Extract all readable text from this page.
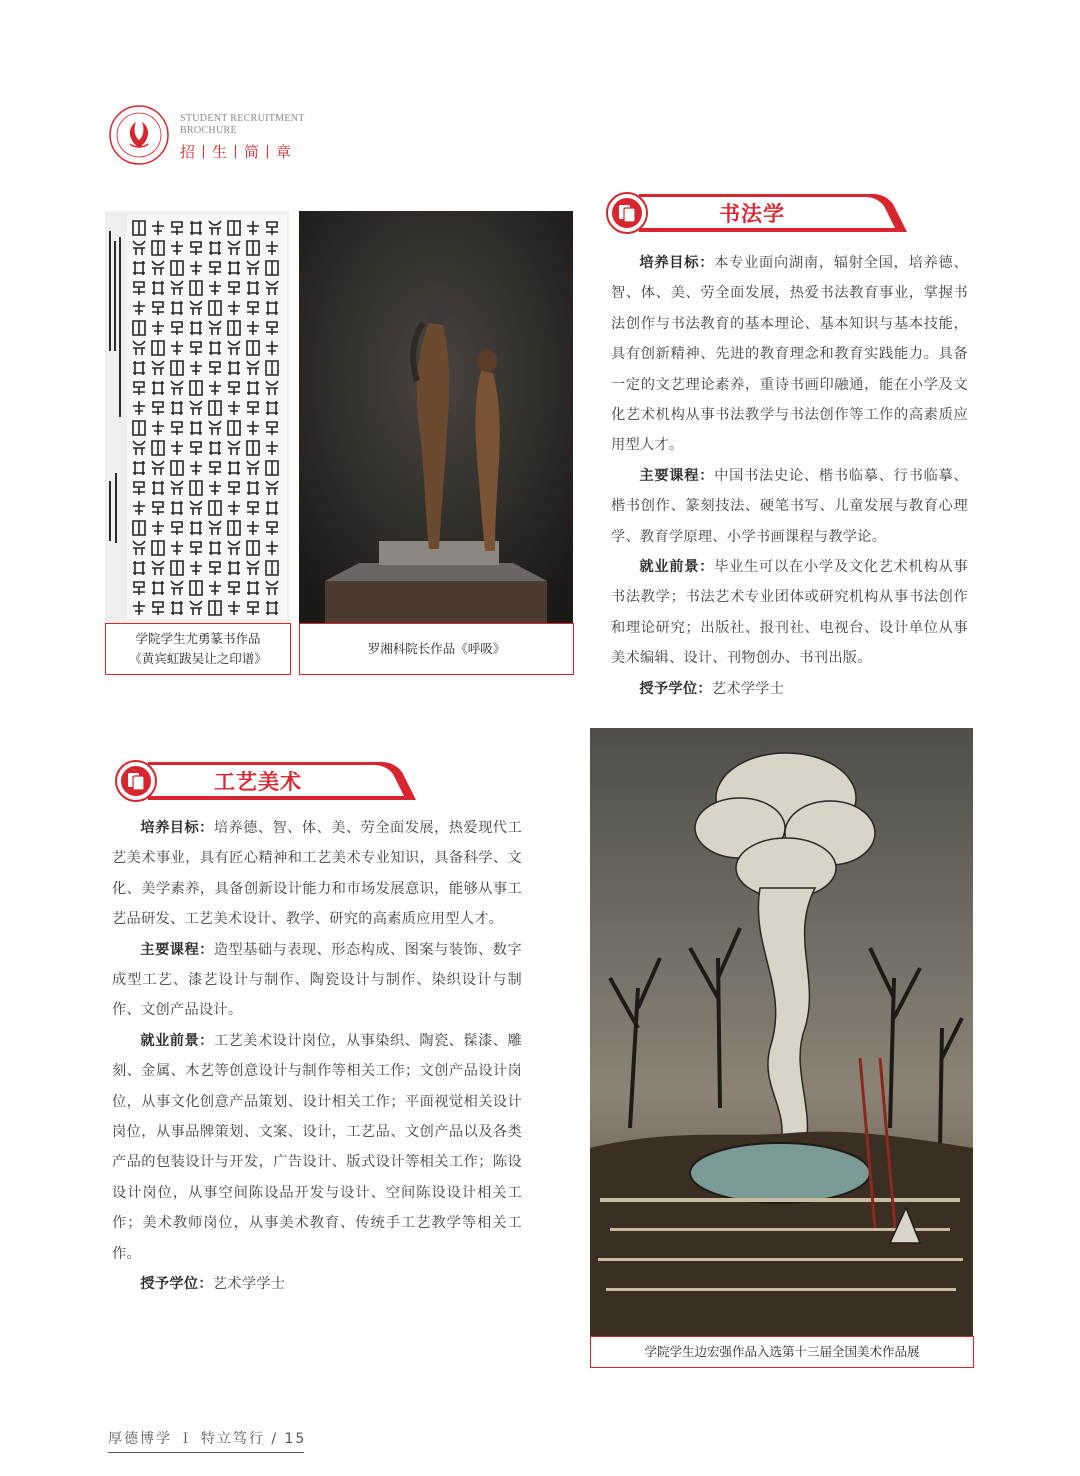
STUDENT RECRUITMENT
BROCHURE
招丨生丨简丨章
学院学生尤勇篆书作品
《黄宾虹跋吴让之印谱》
罗湘科院长作品《呼吸》
书法学

培养目标：本专业面向湖南，辐射全国，培养德、智、体、美、劳全面发展，热爱书法教育事业，掌握书法创作与书法教育的基本理论、基本知识与基本技能，具有创新精神、先进的教育理念和教育实践能力。具备一定的文艺理论素养，重诗书画印融通，能在小学及文化艺术机构从事书法教学与书法创作等工作的高素质应用型人才。

主要课程：中国书法史论、楷书临摹、行书临摹、楷书创作、篆刻技法、硬笔书写、儿童发展与教育心理学、教育学原理、小学书画课程与教学论。

就业前景：毕业生可以在小学及文化艺术机构从事书法教学；书法艺术专业团体或研究机构从事书法创作和理论研究；出版社、报刊社、电视台、设计单位从事美术编辑、设计、刊物创办、书刊出版。

授予学位：艺术学学士

工艺美术

培养目标：培养德、智、体、美、劳全面发展，热爱现代工艺美术事业，具有匠心精神和工艺美术专业知识，具备科学、文化、美学素养，具备创新设计能力和市场发展意识，能够从事工艺品研发、工艺美术设计、教学、研究的高素质应用型人才。

主要课程：造型基础与表现、形态构成、图案与装饰、数字成型工艺、漆艺设计与制作、陶瓷设计与制作、染织设计与制作、文创产品设计。

就业前景：工艺美术设计岗位，从事染织、陶瓷、髹漆、雕刻、金属、木艺等创意设计与制作等相关工作；文创产品设计岗位，从事文化创意产品策划、设计相关工作；平面视觉相关设计岗位，从事品牌策划、文案、设计，工艺品、文创产品以及各类产品的包装设计与开发，广告设计、版式设计等相关工作；陈设设计岗位，从事空间陈设品开发与设计、空间陈设设计相关工作；美术教师岗位，从事美术教育、传统手工艺教学等相关工作。

授予学位：艺术学学士

学院学生边宏强作品入选第十三届全国美术作品展
厚德博学 Ｉ 特立笃行 / 15
